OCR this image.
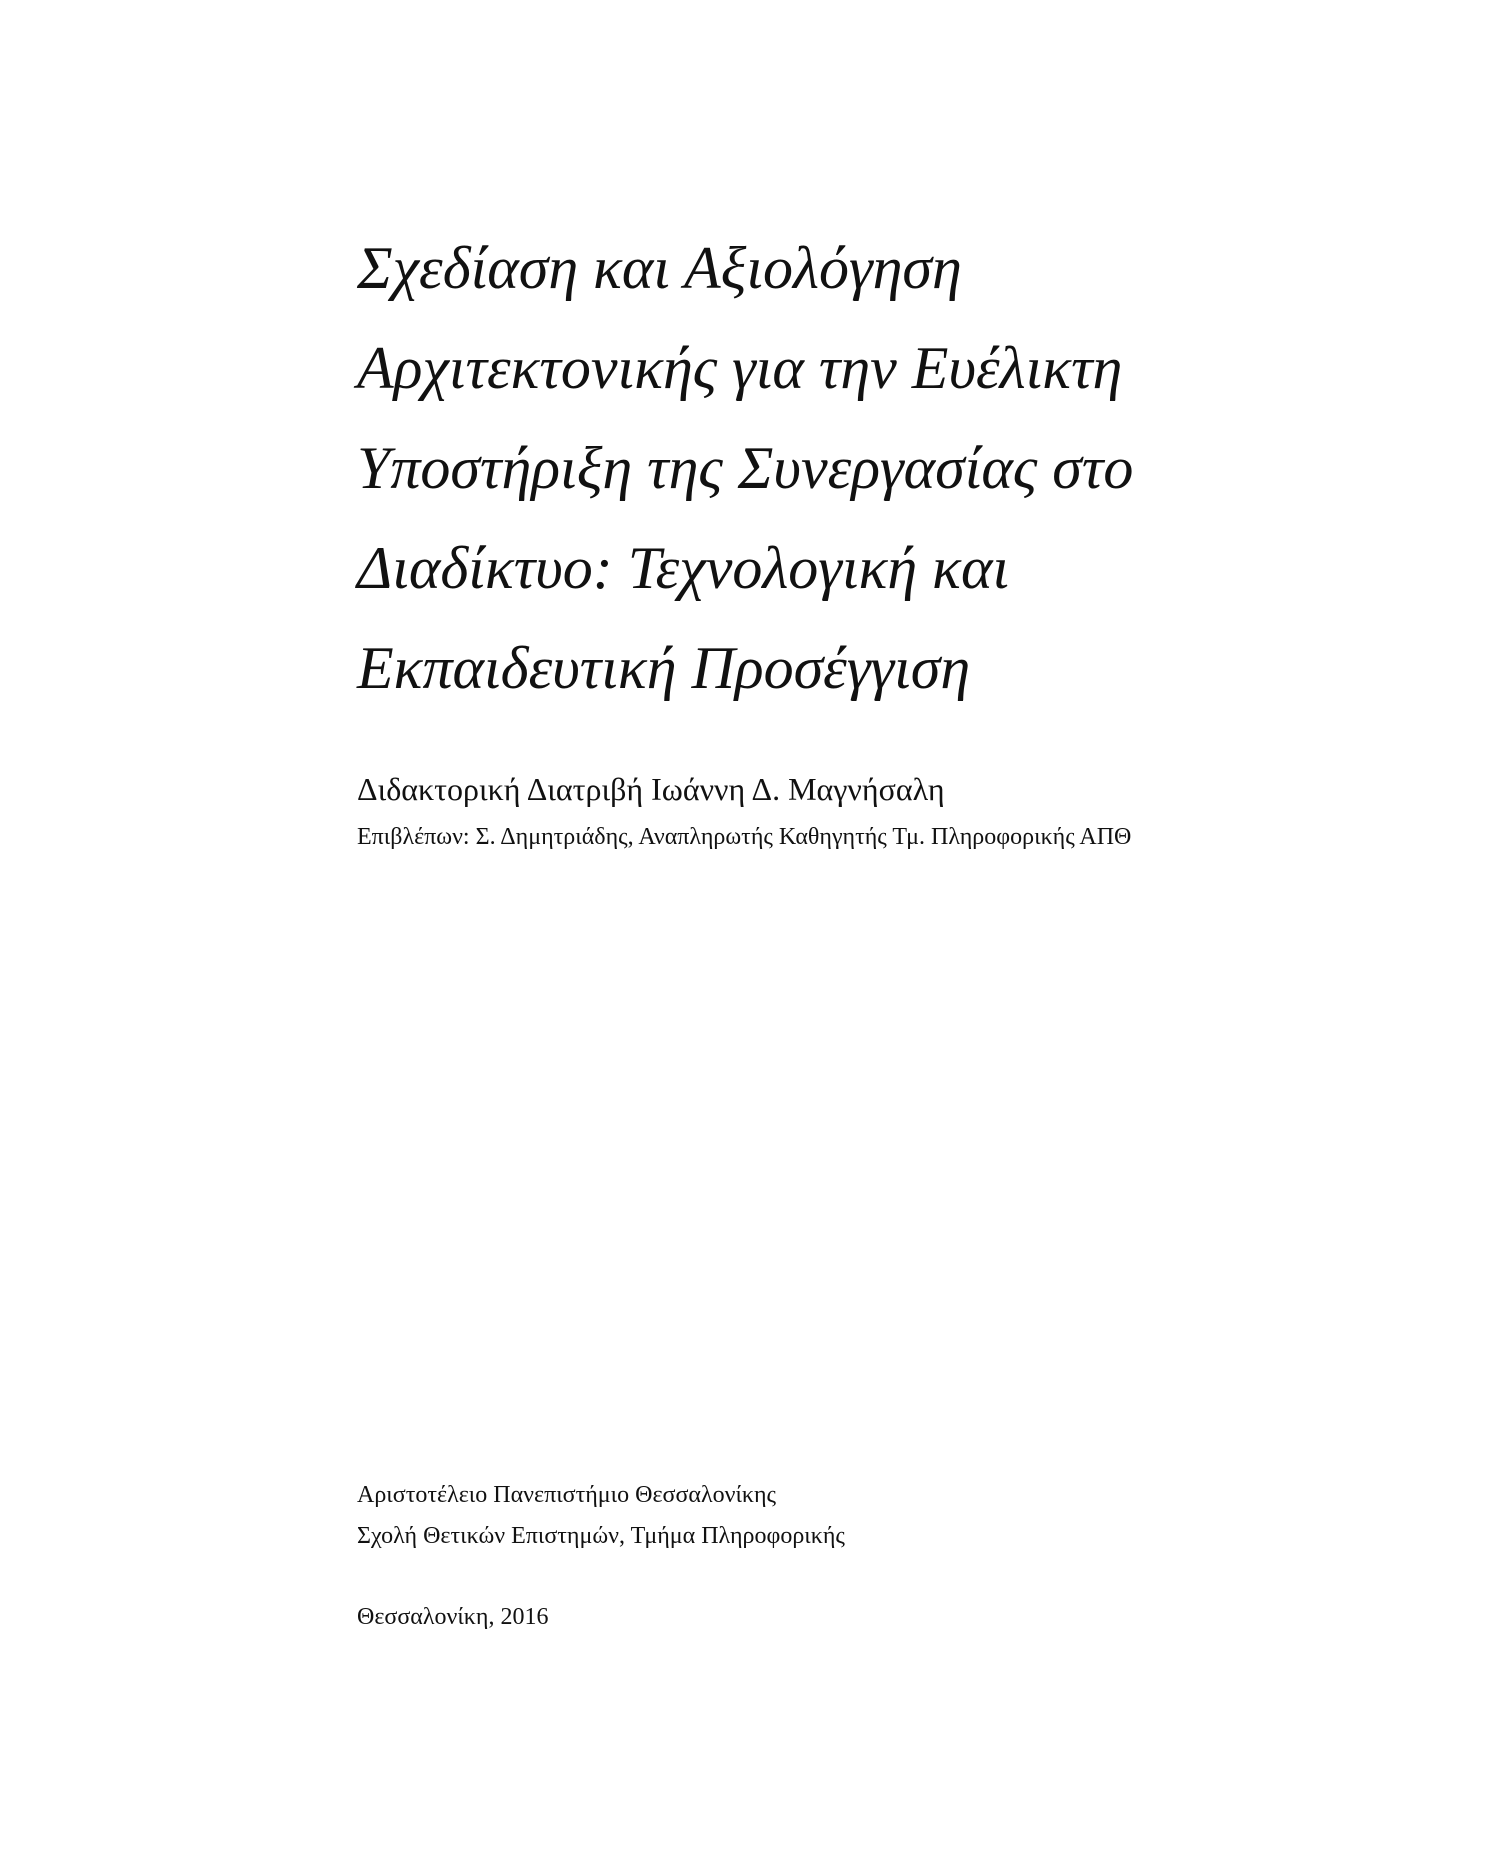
Σχεδίαση και Αξιολόγηση
Αρχιτεκτονικής για την Ευέλικτη
Υποστήριξη της Συνεργασίας στο
Διαδίκτυο: Τεχνολογική και
Εκπαιδευτική Προσέγγιση
Διδακτορική Διατριβή Ιωάννη Δ. Μαγνήσαλη
Επιβλέπων: Σ. Δημητριάδης, Αναπληρωτής Καθηγητής Τμ. Πληροφορικής ΑΠΘ
Αριστοτέλειο Πανεπιστήμιο Θεσσαλονίκης
Σχολή Θετικών Επιστημών, Τμήμα Πληροφορικής
Θεσσαλονίκη, 2016
